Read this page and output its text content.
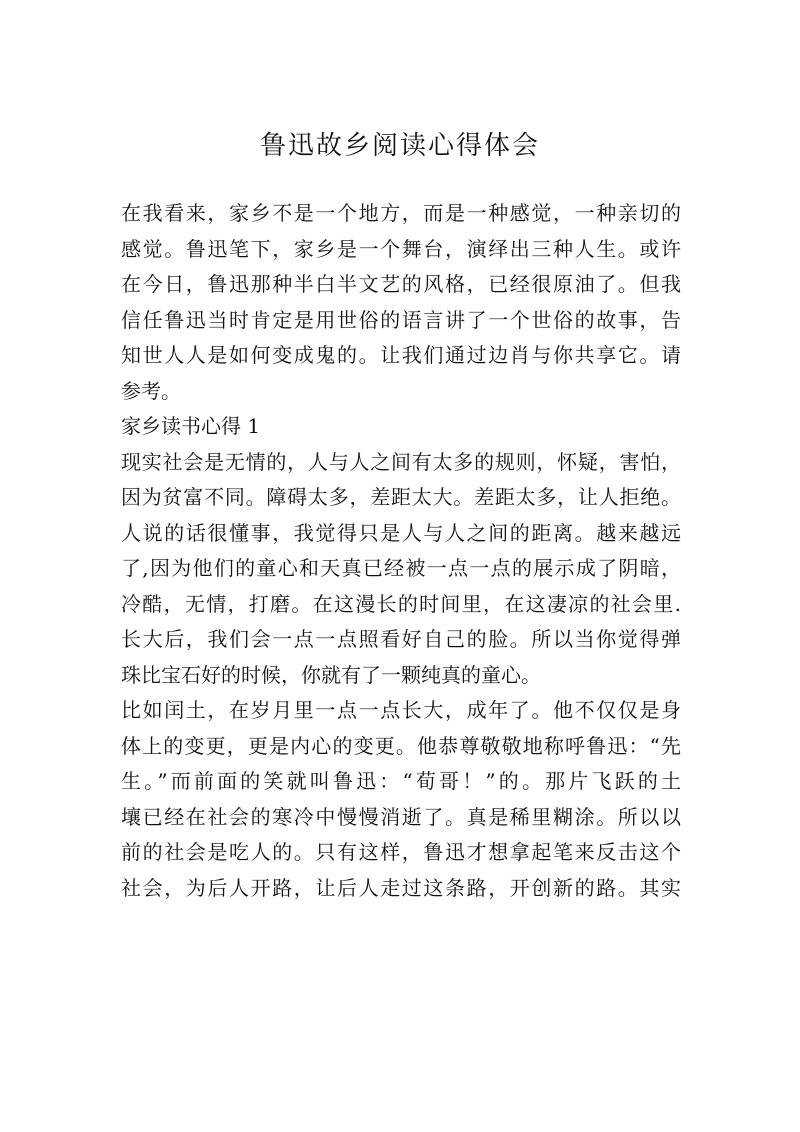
鲁迅故乡阅读心得体会
在我看来，家乡不是一个地方，而是一种感觉，一种亲切的
感觉。鲁迅笔下，家乡是一个舞台，演绎出三种人生。或许
在今日，鲁迅那种半白半文艺的风格，已经很原油了。但我
信任鲁迅当时肯定是用世俗的语言讲了一个世俗的故事，告
知世人人是如何变成鬼的。让我们通过边肖与你共享它。请
参考。
家乡读书心得 1
现实社会是无情的，人与人之间有太多的规则，怀疑，害怕，
因为贫富不同。障碍太多，差距太大。差距太多，让人拒绝。
人说的话很懂事，我觉得只是人与人之间的距离。越来越远
了,因为他们的童心和天真已经被一点一点的展示成了阴暗，
冷酷，无情，打磨。在这漫长的时间里，在这凄凉的社会里.
长大后，我们会一点一点照看好自己的脸。所以当你觉得弹
珠比宝石好的时候，你就有了一颗纯真的童心。
比如闰土，在岁月里一点一点长大，成年了。他不仅仅是身
体上的变更，更是内心的变更。他恭尊敬敬地称呼鲁迅：“先
生。”而前面的笑就叫鲁迅：“荀哥！”的。那片飞跃的土
壤已经在社会的寒冷中慢慢消逝了。真是稀里糊涂。所以以
前的社会是吃人的。只有这样，鲁迅才想拿起笔来反击这个
社会，为后人开路，让后人走过这条路，开创新的路。其实
